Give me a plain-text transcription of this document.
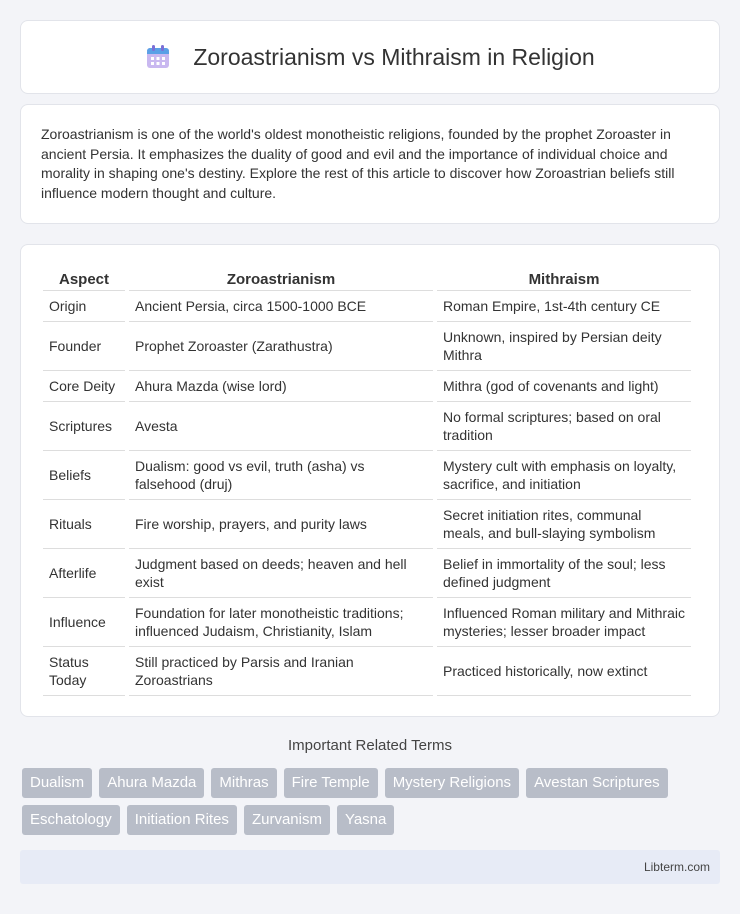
Zoroastrianism vs Mithraism in Religion

Zoroastrianism is one of the world's oldest monotheistic religions, founded by the prophet Zoroaster in ancient Persia. It emphasizes the duality of good and evil and the importance of individual choice and morality in shaping one's destiny. Explore the rest of this article to discover how Zoroastrian beliefs still influence modern thought and culture.

Aspect	Zoroastrianism	Mithraism
Origin	Ancient Persia, circa 1500-1000 BCE	Roman Empire, 1st-4th century CE
Founder	Prophet Zoroaster (Zarathustra)	Unknown, inspired by Persian deity Mithra
Core Deity	Ahura Mazda (wise lord)	Mithra (god of covenants and light)
Scriptures	Avesta	No formal scriptures; based on oral tradition
Beliefs	Dualism: good vs evil, truth (asha) vs falsehood (druj)	Mystery cult with emphasis on loyalty, sacrifice, and initiation
Rituals	Fire worship, prayers, and purity laws	Secret initiation rites, communal meals, and bull-slaying symbolism
Afterlife	Judgment based on deeds; heaven and hell exist	Belief in immortality of the soul; less defined judgment
Influence	Foundation for later monotheistic traditions; influenced Judaism, Christianity, Islam	Influenced Roman military and Mithraic mysteries; lesser broader impact
Status Today	Still practiced by Parsis and Iranian Zoroastrians	Practiced historically, now extinct
Important Related Terms
Dualism	Ahura Mazda	Mithras	Fire Temple	Mystery Religions	Avestan Scriptures
Eschatology	Initiation Rites	Zurvanism	Yasna
Libterm.com
